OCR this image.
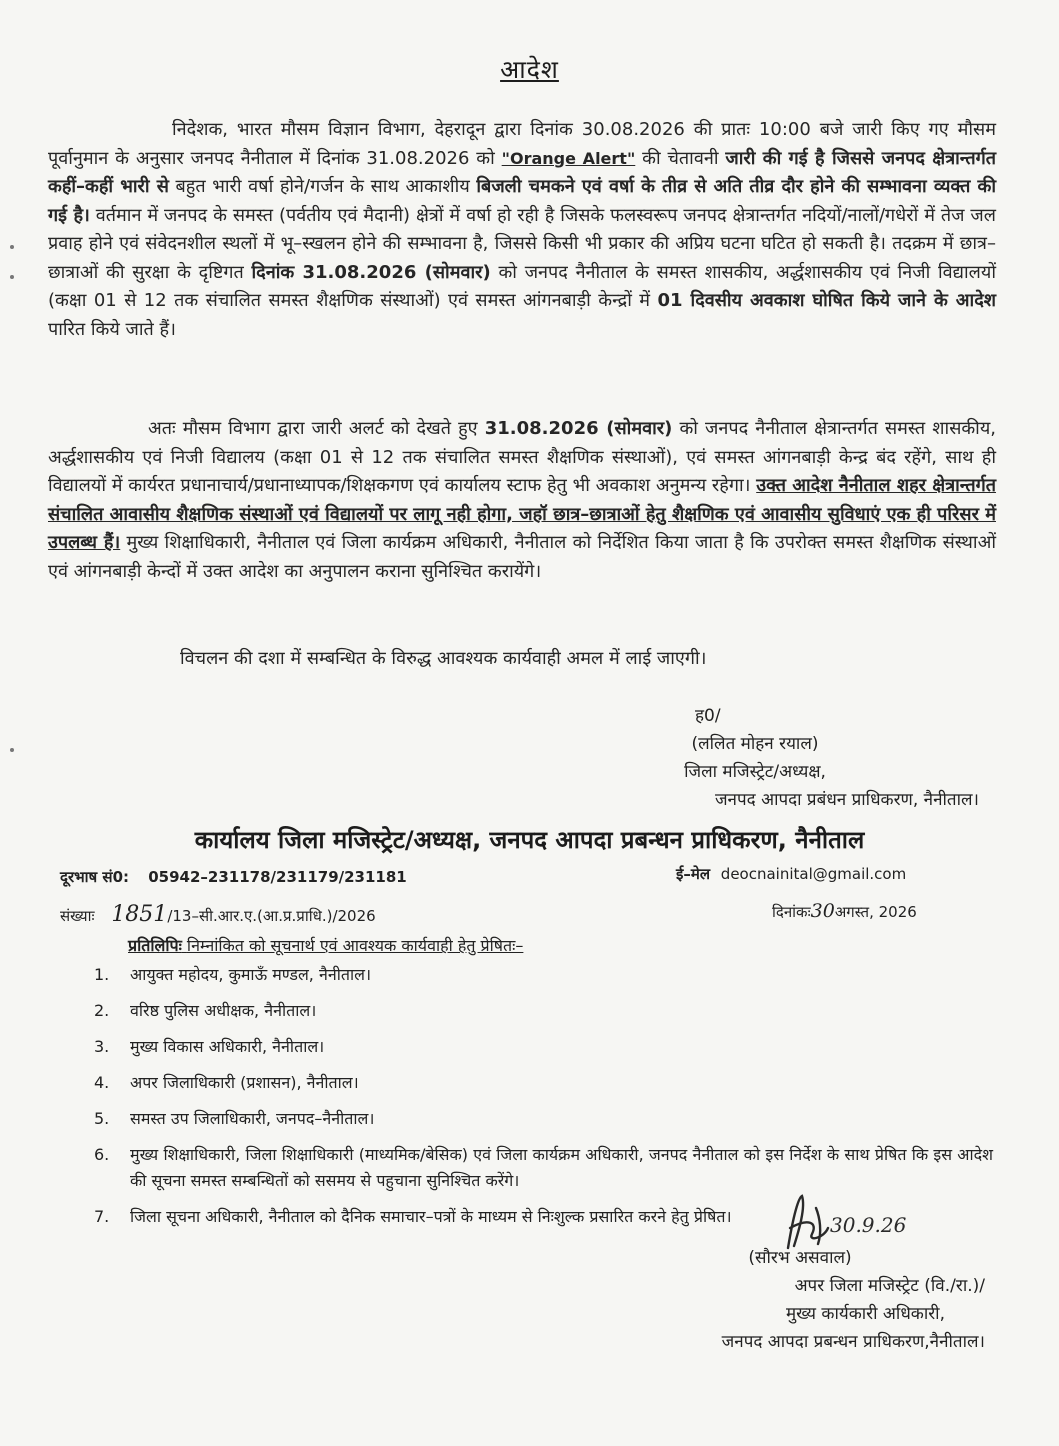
आदेश
निदेशक, भारत मौसम विज्ञान विभाग, देहरादून द्वारा दिनांक 30.08.2026 की प्रातः 10:00 बजे जारी किए गए मौसम पूर्वानुमान के अनुसार जनपद नैनीताल में दिनांक 31.08.2026 को "Orange Alert" की चेतावनी जारी की गई है जिससे जनपद क्षेत्रान्तर्गत कहीं–कहीं भारी से बहुत भारी वर्षा होने/गर्जन के साथ आकाशीय बिजली चमकने एवं वर्षा के तीव्र से अति तीव्र दौर होने की सम्भावना व्यक्त की गई है। वर्तमान में जनपद के समस्त (पर्वतीय एवं मैदानी) क्षेत्रों में वर्षा हो रही है जिसके फलस्वरूप जनपद क्षेत्रान्तर्गत नदियों/नालों/गधेरों में तेज जल प्रवाह होने एवं संवेदनशील स्थलों में भू–स्खलन होने की सम्भावना है, जिससे किसी भी प्रकार की अप्रिय घटना घटित हो सकती है। तदक्रम में छात्र–छात्राओं की सुरक्षा के दृष्टिगत दिनांक 31.08.2026 (सोमवार) को जनपद नैनीताल के समस्त शासकीय, अर्द्धशासकीय एवं निजी विद्यालयों (कक्षा 01 से 12 तक संचालित समस्त शैक्षणिक संस्थाओं) एवं समस्त आंगनबाड़ी केन्द्रों में 01 दिवसीय अवकाश घोषित किये जाने के आदेश पारित किये जाते हैं।
अतः मौसम विभाग द्वारा जारी अलर्ट को देखते हुए 31.08.2026 (सोमवार) को जनपद नैनीताल क्षेत्रान्तर्गत समस्त शासकीय, अर्द्धशासकीय एवं निजी विद्यालय (कक्षा 01 से 12 तक संचालित समस्त शैक्षणिक संस्थाओं), एवं समस्त आंगनबाड़ी केन्द्र बंद रहेंगे, साथ ही विद्यालयों में कार्यरत प्रधानाचार्य/प्रधानाध्यापक/शिक्षकगण एवं कार्यालय स्टाफ हेतु भी अवकाश अनुमन्य रहेगा। उक्त आदेश नैनीताल शहर क्षेत्रान्तर्गत संचालित आवासीय शैक्षणिक संस्थाओं एवं विद्यालयों पर लागू नही होगा, जहॉ छात्र–छात्राओं हेतु शैक्षणिक एवं आवासीय सुविधाएं एक ही परिसर में उपलब्ध हैं। मुख्य शिक्षाधिकारी, नैनीताल एवं जिला कार्यक्रम अधिकारी, नैनीताल को निर्देशित किया जाता है कि उपरोक्त समस्त शैक्षणिक संस्थाओं एवं आंगनबाड़ी केन्दों में उक्त आदेश का अनुपालन कराना सुनिश्चित करायेंगे।
विचलन की दशा में सम्बन्धित के विरुद्ध आवश्यक कार्यवाही अमल में लाई जाएगी।
ह0/
(ललित मोहन रयाल)
जिला मजिस्ट्रेट/अध्यक्ष,
जनपद आपदा प्रबंधन प्राधिकरण, नैनीताल।
कार्यालय जिला मजिस्ट्रेट/अध्यक्ष, जनपद आपदा प्रबन्धन प्राधिकरण, नैनीताल
दूरभाष सं0: 05942–231178/231179/231181	ई–मेल deocnainital@gmail.com
संख्याः 1851/13–सी.आर.ए.(आ.प्र.प्राधि.)/2026	दिनांकः30अगस्त, 2026
प्रतिलिपिः निम्नांकित को सूचनार्थ एवं आवश्यक कार्यवाही हेतु प्रेषितः–
1. आयुक्त महोदय, कुमाऊँ मण्डल, नैनीताल।
2. वरिष्ठ पुलिस अधीक्षक, नैनीताल।
3. मुख्य विकास अधिकारी, नैनीताल।
4. अपर जिलाधिकारी (प्रशासन), नैनीताल।
5. समस्त उप जिलाधिकारी, जनपद–नैनीताल।
6. मुख्य शिक्षाधिकारी, जिला शिक्षाधिकारी (माध्यमिक/बेसिक) एवं जिला कार्यक्रम अधिकारी, जनपद नैनीताल को इस निर्देश के साथ प्रेषित कि इस आदेश की सूचना समस्त सम्बन्धितों को ससमय से पहुचाना सुनिश्चित करेंगे।
7. जिला सूचना अधिकारी, नैनीताल को दैनिक समाचार–पत्रों के माध्यम से निःशुल्क प्रसारित करने हेतु प्रेषित।	30.9.26
(सौरभ असवाल)
अपर जिला मजिस्ट्रेट (वि./रा.)/
मुख्य कार्यकारी अधिकारी,
जनपद आपदा प्रबन्धन प्राधिकरण,नैनीताल।
